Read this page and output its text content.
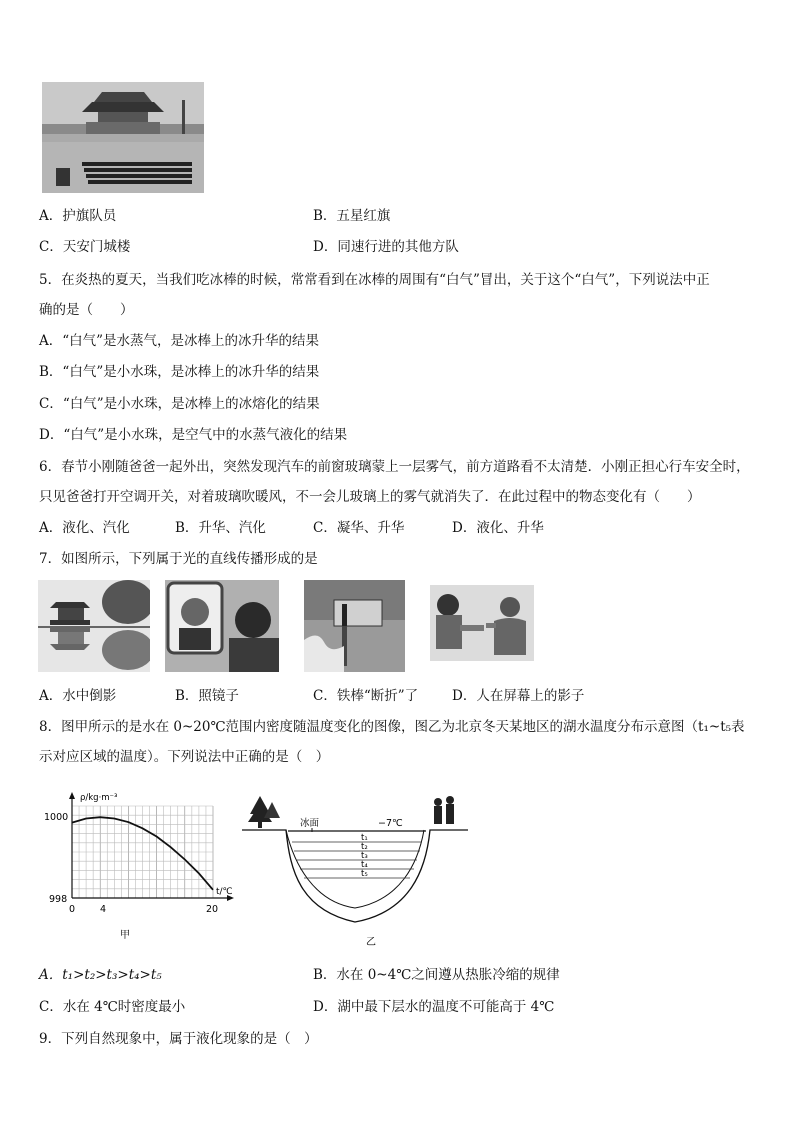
A．护旗队员	B．五星红旗
C．天安门城楼	D．同速行进的其他方队
5．在炎热的夏天，当我们吃冰棒的时候，常常看到在冰棒的周围有“白气”冒出，关于这个“白气”，下列说法中正
确的是（　　）
A．“白气”是水蒸气，是冰棒上的冰升华的结果
B．“白气”是小水珠，是冰棒上的冰升华的结果
C．“白气”是小水珠，是冰棒上的冰熔化的结果
D．“白气”是小水珠，是空气中的水蒸气液化的结果
6．春节小刚随爸爸一起外出，突然发现汽车的前窗玻璃蒙上一层雾气，前方道路看不太清楚．小刚正担心行车安全时，
只见爸爸打开空调开关，对着玻璃吹暖风，不一会儿玻璃上的雾气就消失了．在此过程中的物态变化有（　　）
A．液化、汽化	B．升华、汽化	C．凝华、升华	D．液化、升华
7．如图所示，下列属于光的直线传播形成的是
A．水中倒影	B．照镜子	C．铁棒“断折”了	D．人在屏幕上的影子
8．图甲所示的是水在 0~20℃范围内密度随温度变化的图像，图乙为北京冬天某地区的湖水温度分布示意图（t₁~t₅表
示对应区域的温度）。下列说法中正确的是（　）
ρ/kg·m⁻³
t/℃
1000
998
0	4	20
甲
冰面	−7℃
t₁
t₂
t₃
t₄
t₅
乙
A．t₁>t₂>t₃>t₄>t₅	B．水在 0~4℃之间遵从热胀冷缩的规律
C．水在 4℃时密度最小	D．湖中最下层水的温度不可能高于 4℃
9．下列自然现象中，属于液化现象的是（　）
